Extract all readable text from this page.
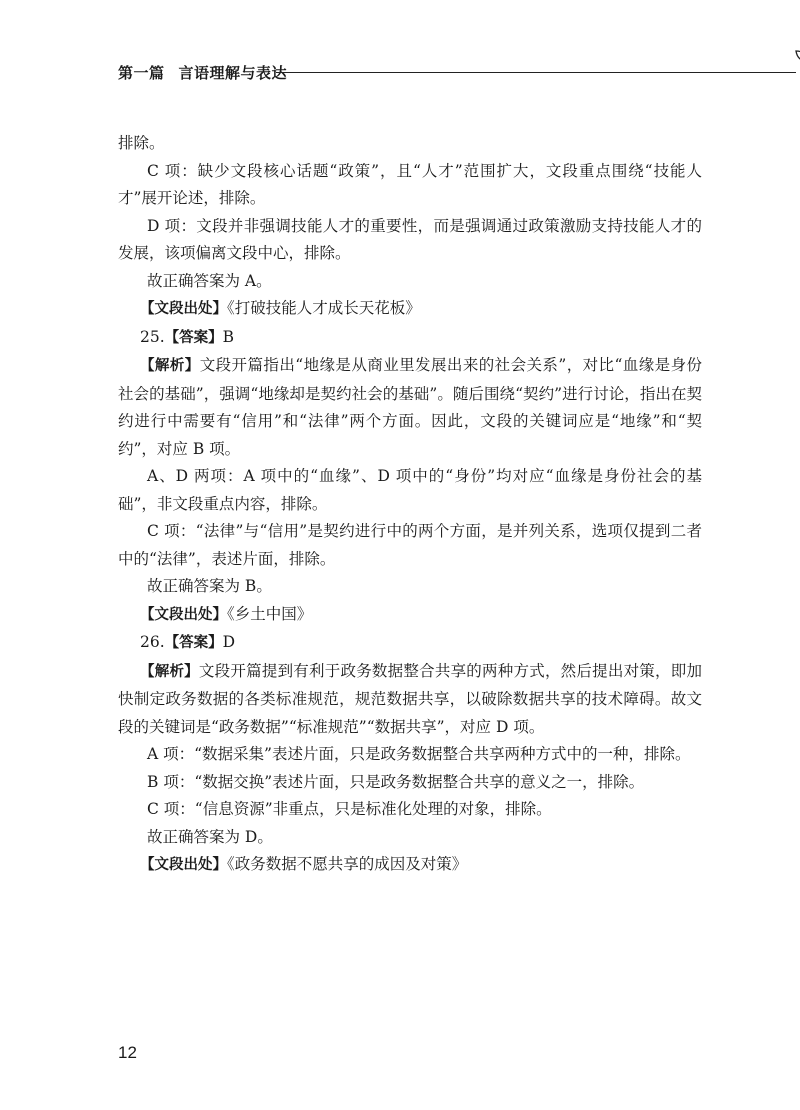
第一篇 言语理解与表达

排除。

C 项：缺少文段核心话题“政策”，且“人才”范围扩大，文段重点围绕“技能人才”展开论述，排除。

D 项：文段并非强调技能人才的重要性，而是强调通过政策激励支持技能人才的发展，该项偏离文段中心，排除。

故正确答案为 A。

【文段出处】《打破技能人才成长天花板》

25.【答案】B

【解析】文段开篇指出“地缘是从商业里发展出来的社会关系”，对比“血缘是身份社会的基础”，强调“地缘却是契约社会的基础”。随后围绕“契约”进行讨论，指出在契约进行中需要有“信用”和“法律”两个方面。因此，文段的关键词应是“地缘”和“契约”，对应 B 项。

A、D 两项：A 项中的“血缘”、D 项中的“身份”均对应“血缘是身份社会的基础”，非文段重点内容，排除。

C 项：“法律”与“信用”是契约进行中的两个方面，是并列关系，选项仅提到二者中的“法律”，表述片面，排除。

故正确答案为 B。

【文段出处】《乡土中国》

26.【答案】D

【解析】文段开篇提到有利于政务数据整合共享的两种方式，然后提出对策，即加快制定政务数据的各类标准规范，规范数据共享，以破除数据共享的技术障碍。故文段的关键词是“政务数据”“标准规范”“数据共享”，对应 D 项。

A 项：“数据采集”表述片面，只是政务数据整合共享两种方式中的一种，排除。

B 项：“数据交换”表述片面，只是政务数据整合共享的意义之一，排除。

C 项：“信息资源”非重点，只是标准化处理的对象，排除。

故正确答案为 D。

【文段出处】《政务数据不愿共享的成因及对策》

12
